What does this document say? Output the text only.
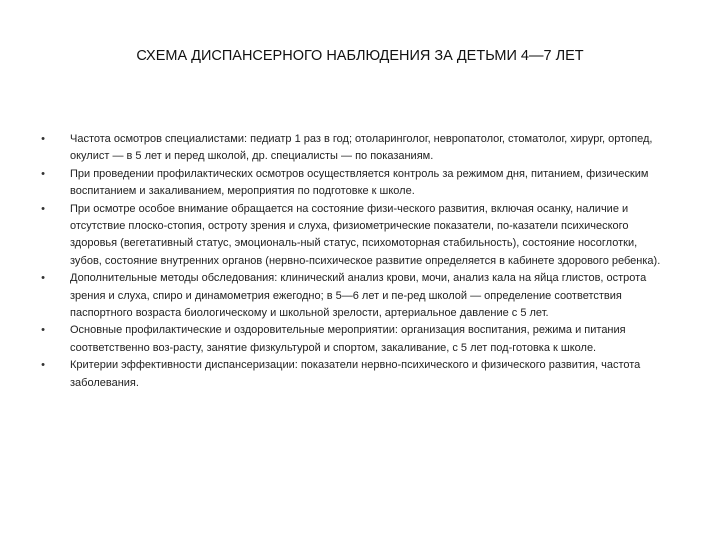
СХЕМА ДИСПАНСЕРНОГО НАБЛЮДЕНИЯ ЗА ДЕТЬМИ 4—7 ЛЕТ
• Частота осмотров специалистами: педиатр 1 раз в год; отоларинголог, невропатолог, стоматолог, хирург, ортопед, окулист — в 5 лет и перед школой, др. специалисты — по показаниям.
• При проведении профилактических осмотров осуществляется контроль за режимом дня, питанием, физическим воспитанием и закаливанием, мероприятия по подготовке к школе.
• При осмотре особое внимание обращается на состояние физи-ческого развития, включая осанку, наличие и отсутствие плоско-стопия, остроту зрения и слуха, физиометрические показатели, по-казатели психического здоровья (вегетативный статус, эмоциональ-ный статус, психомоторная стабильность), состояние носоглотки, зубов, состояние внутренних органов (нервно-психическое развитие определяется в кабинете здорового ребенка).
• Дополнительные методы обследования: клинический анализ крови, мочи, анализ кала на яйца глистов, острота зрения и слуха, спиро и динамометрия ежегодно; в 5—6 лет и пе-ред школой — определение соответствия паспортного возраста биологическому и школьной зрелости, артериальное давление с 5 лет.
• Основные профилактические и оздоровительные мероприятии: организация воспитания, режима и питания соответственно воз-расту, занятие физкультурой и спортом, закаливание, с 5 лет под-готовка к школе.
• Критерии эффективности диспансеризации: показатели нервно-психического и физического развития, частота заболевания.
